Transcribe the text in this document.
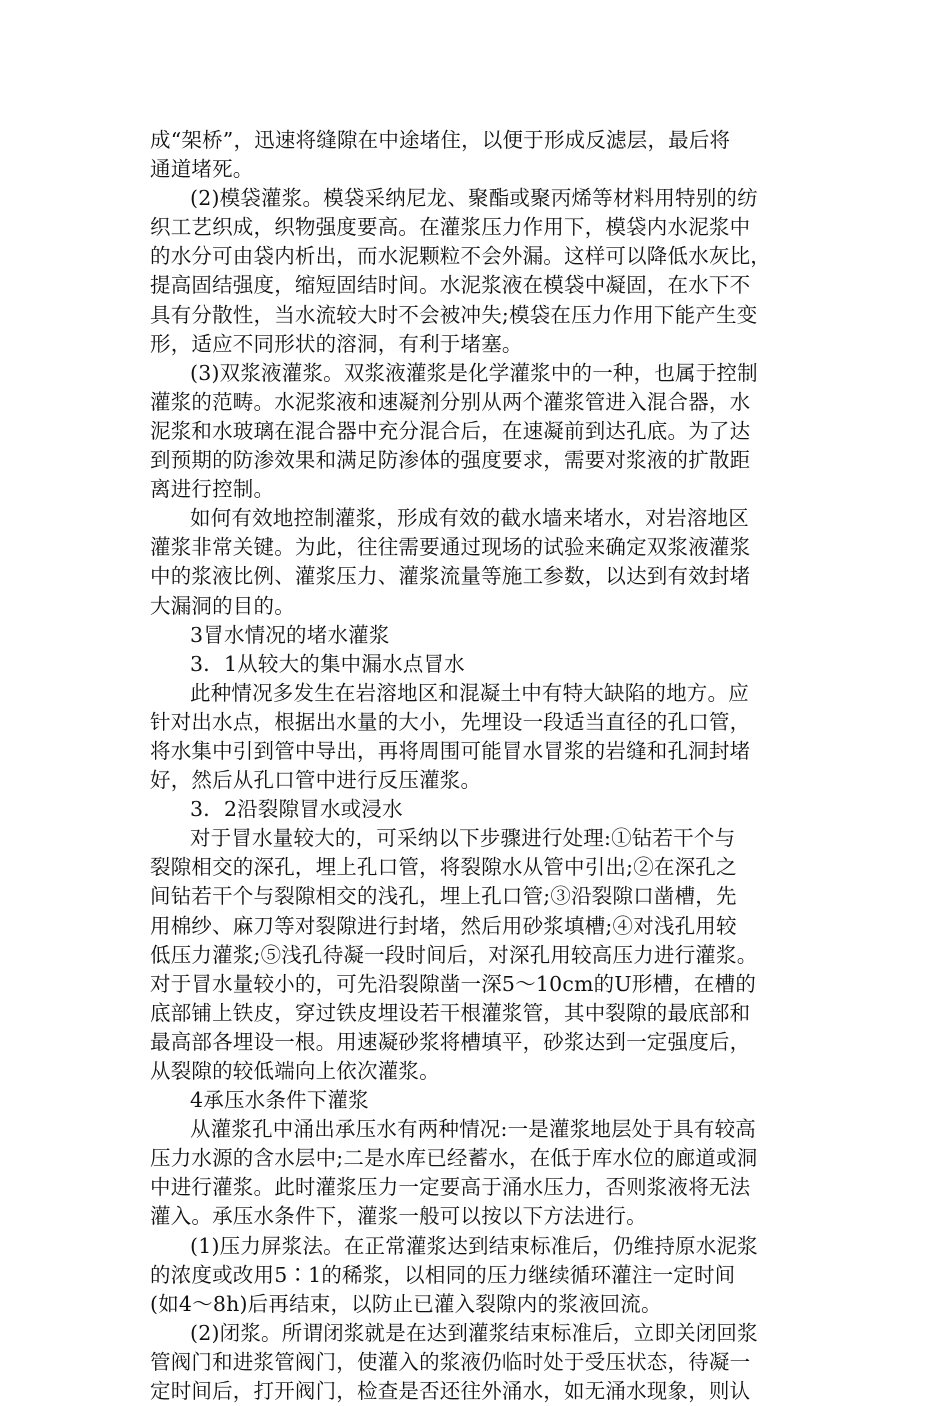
成“架桥”，迅速将缝隙在中途堵住，以便于形成反滤层，最后将
通道堵死。
(2)模袋灌浆。模袋采纳尼龙、聚酯或聚丙烯等材料用特别的纺
织工艺织成，织物强度要高。在灌浆压力作用下，模袋内水泥浆中
的水分可由袋内析出，而水泥颗粒不会外漏。这样可以降低水灰比，
提高固结强度，缩短固结时间。水泥浆液在模袋中凝固，在水下不
具有分散性，当水流较大时不会被冲失;模袋在压力作用下能产生变
形，适应不同形状的溶洞，有利于堵塞。
(3)双浆液灌浆。双浆液灌浆是化学灌浆中的一种，也属于控制
灌浆的范畴。水泥浆液和速凝剂分别从两个灌浆管进入混合器，水
泥浆和水玻璃在混合器中充分混合后，在速凝前到达孔底。为了达
到预期的防渗效果和满足防渗体的强度要求，需要对浆液的扩散距
离进行控制。
如何有效地控制灌浆，形成有效的截水墙来堵水，对岩溶地区
灌浆非常关键。为此，往往需要通过现场的试验来确定双浆液灌浆
中的浆液比例、灌浆压力、灌浆流量等施工参数，以达到有效封堵
大漏洞的目的。
3冒水情况的堵水灌浆
3．1从较大的集中漏水点冒水
此种情况多发生在岩溶地区和混凝土中有特大缺陷的地方。应
针对出水点，根据出水量的大小，先埋设一段适当直径的孔口管，
将水集中引到管中导出，再将周围可能冒水冒浆的岩缝和孔洞封堵
好，然后从孔口管中进行反压灌浆。
3．2沿裂隙冒水或浸水
对于冒水量较大的，可采纳以下步骤进行处理:①钻若干个与
裂隙相交的深孔，埋上孔口管，将裂隙水从管中引出;②在深孔之
间钻若干个与裂隙相交的浅孔，埋上孔口管;③沿裂隙口凿槽，先
用棉纱、麻刀等对裂隙进行封堵，然后用砂浆填槽;④对浅孔用较
低压力灌浆;⑤浅孔待凝一段时间后，对深孔用较高压力进行灌浆。
对于冒水量较小的，可先沿裂隙凿一深5～10cm的U形槽，在槽的
底部铺上铁皮，穿过铁皮埋设若干根灌浆管，其中裂隙的最底部和
最高部各埋设一根。用速凝砂浆将槽填平，砂浆达到一定强度后，
从裂隙的较低端向上依次灌浆。
4承压水条件下灌浆
从灌浆孔中涌出承压水有两种情况:一是灌浆地层处于具有较高
压力水源的含水层中;二是水库已经蓄水，在低于库水位的廊道或洞
中进行灌浆。此时灌浆压力一定要高于涌水压力，否则浆液将无法
灌入。承压水条件下，灌浆一般可以按以下方法进行。
(1)压力屏浆法。在正常灌浆达到结束标准后，仍维持原水泥浆
的浓度或改用5∶1的稀浆，以相同的压力继续循环灌注一定时间
(如4～8h)后再结束，以防止已灌入裂隙内的浆液回流。
(2)闭浆。所谓闭浆就是在达到灌浆结束标准后，立即关闭回浆
管阀门和进浆管阀门，使灌入的浆液仍临时处于受压状态，待凝一
定时间后，打开阀门，检查是否还往外涌水，如无涌水现象，则认
